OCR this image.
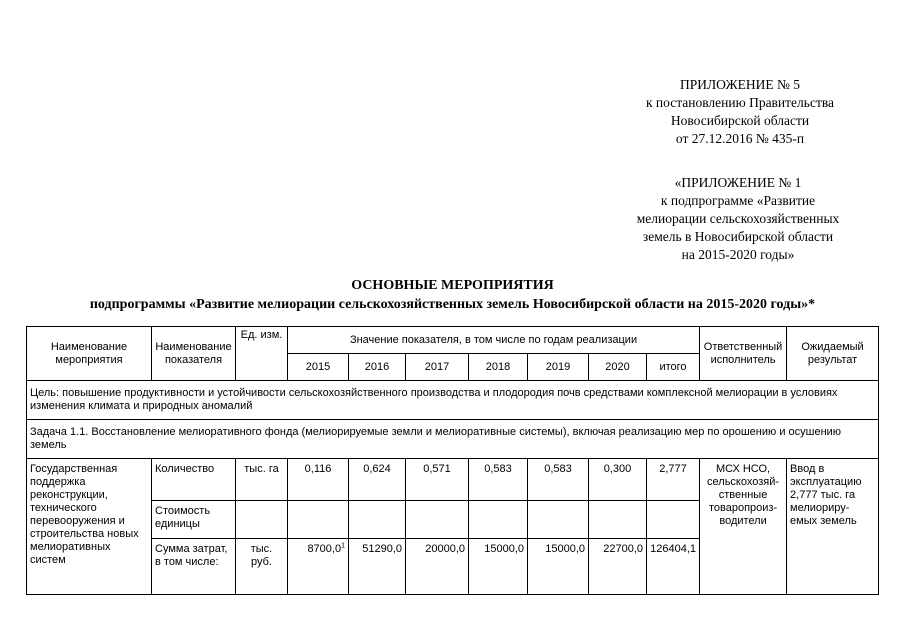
ПРИЛОЖЕНИЕ № 5
к постановлению Правительства
Новосибирской области
от 27.12.2016 № 435-п
«ПРИЛОЖЕНИЕ № 1
к подпрограмме «Развитие
мелиорации сельскохозяйственных
земель в Новосибирской области
на 2015-2020 годы»
ОСНОВНЫЕ МЕРОПРИЯТИЯ
подпрограммы «Развитие мелиорации сельскохозяйственных земель Новосибирской области на 2015-2020 годы»*
Наименование мероприятия	Наименование показателя	Ед. изм.	Значение показателя, в том числе по годам реализации							Ответственный исполнитель	Ожидаемый результат
			2015	2016	2017	2018	2019	2020	итого		
Цель: повышение продуктивности и устойчивости сельскохозяйственного производства и плодородия почв средствами комплексной мелиорации в условиях изменения климата и природных аномалий											
Задача 1.1. Восстановление мелиоративного фонда (мелиорируемые земли и мелиоративные системы), включая реализацию мер по орошению и осушению земель											
Государственная поддержка реконструкции, технического перевооружения и строительства новых мелиоративных систем	Количество	тыс. га	0,116	0,624	0,571	0,583	0,583	0,300	2,777	МСХ НСО, сельскохозяй-ственные товаропроиз-водители	Ввод в эксплуатацию 2,777 тыс. га мелиориру-емых земель
	Стоимость единицы										
	Сумма затрат, в том числе:	тыс. руб.	8700,0$^1$	51290,0	20000,0	15000,0	15000,0	22700,0	126404,1		
